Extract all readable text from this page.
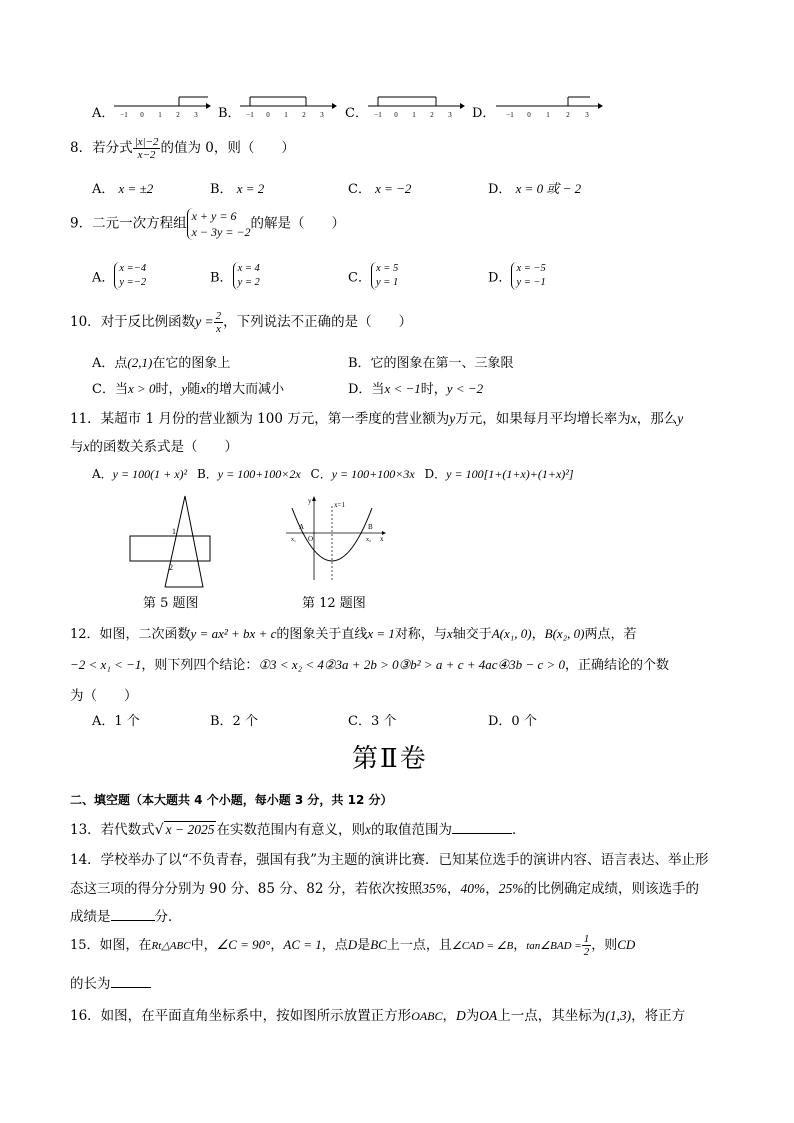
A．	B．	C．	D．
−1 0 1 2 3	−1 0 1 2 3	−1 0 1 2 3	−1 0 1 2 3
8．若分式 $\frac{|x|-2}{x-2}$ 的值为 0，则（　　）
A． x = ±2	B． x = 2	C． x = −2	D． x = 0 或 − 2
9．二元一次方程组 x + y = 6
x − 3y = −2
的解是（　　）
A．
x =−4
y =−2	B．
x = 4
y = 2	C．
x = 5
y = 1	D．
x = −5
y = −1
10．对于反比例函数$y = \frac{2}{x}$ ，下列说法不正确的是（　　）
A．点(2,1)在它的图象上	B．它的图象在第一、三象限
C．当x > 0时，y随x的增大而减小	D．当x < −1时，y < −2
11．某超市 1 月份的营业额为 100 万元，第一季度的营业额为y万元，如果每月平均增长率为x，那么y
与x的函数关系式是（　　）
A．y = 100(1 + x)² B．y = 100+100×2x C．y = 100+100×3x D．y = 100[1+(1+x)+(1+x)²]
1
2
第 5 题图
x=1
y
x
A	B
O
x₁	x₂
第 12 题图
12．如图，二次函数y = ax² + bx + c的图象关于直线x = 1对称，与x轴交于A(x₁, 0)，B(x₂, 0)两点，若
−2 < x₁ < −1，则下列四个结论：①3 < x₂ < 4②3a + 2b > 0③b² > a + c + 4ac④3b − c > 0，正确结论的个数
为（　　）
A．1 个	B．2 个	C．3 个	D．0 个
第Ⅱ卷
二、填空题（本大题共 4 个小题，每小题 3 分，共 12 分）
13．若代数式√ x − 2025 在实数范围内有意义，则x的取值范围为	．
14．学校举办了以“不负青春，强国有我”为主题的演讲比赛．已知某位选手的演讲内容、语言表达、举止形
态这三项的得分分别为 90 分、85 分、82 分，若依次按照35%，40%，25%的比例确定成绩，则该选手的
成绩是	分．
15．如图，在Rt△ABC中，∠C = 90°，AC = 1，点D是BC上一点，且∠CAD = ∠B，tan∠BAD = $\frac{1}{2}$ ，则CD
的长为
16．如图，在平面直角坐标系中，按如图所示放置正方形OABC，D为OA上一点，其坐标为(1,3)，将正方
